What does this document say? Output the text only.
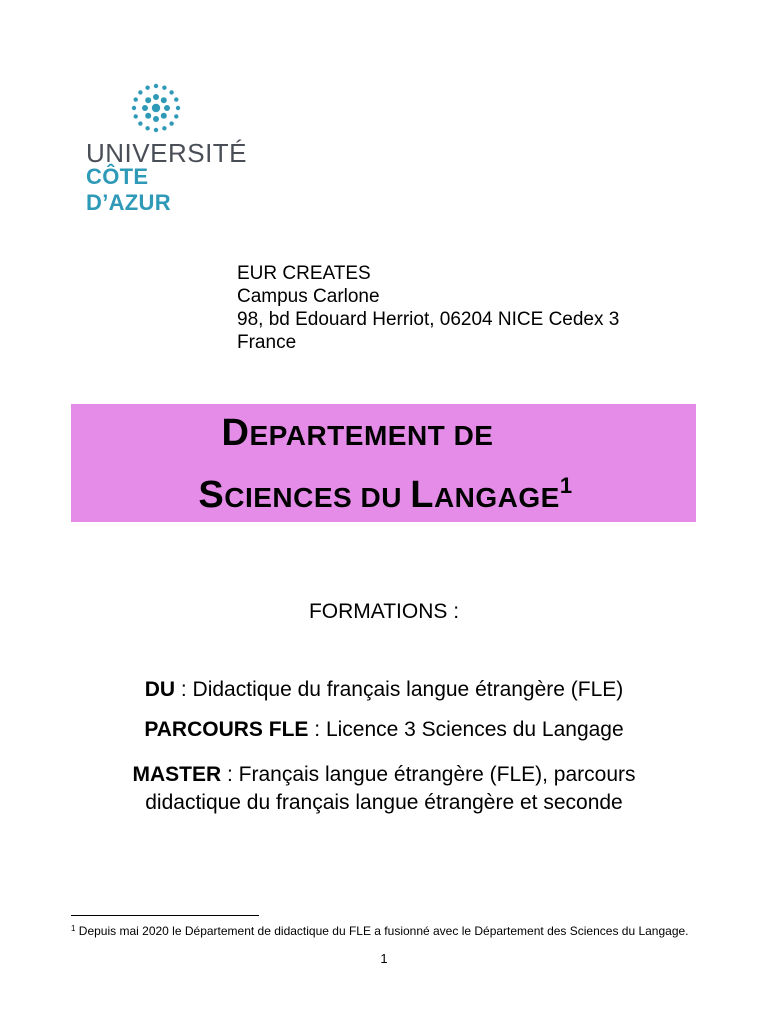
UNIVERSITÉ
CÔTE D’AZUR
EUR CREATES
Campus Carlone
98, bd Edouard Herriot, 06204 NICE Cedex 3
France
DEPARTEMENT DE
SCIENCES DU LANGAGE$^1$
FORMATIONS :
DU : Didactique du français langue étrangère (FLE)
PARCOURS FLE : Licence 3 Sciences du Langage
MASTER : Français langue étrangère (FLE), parcours didactique du français langue étrangère et seconde
$^1$ Depuis mai 2020 le Département de didactique du FLE a fusionné avec le Département des Sciences du Langage.
1
